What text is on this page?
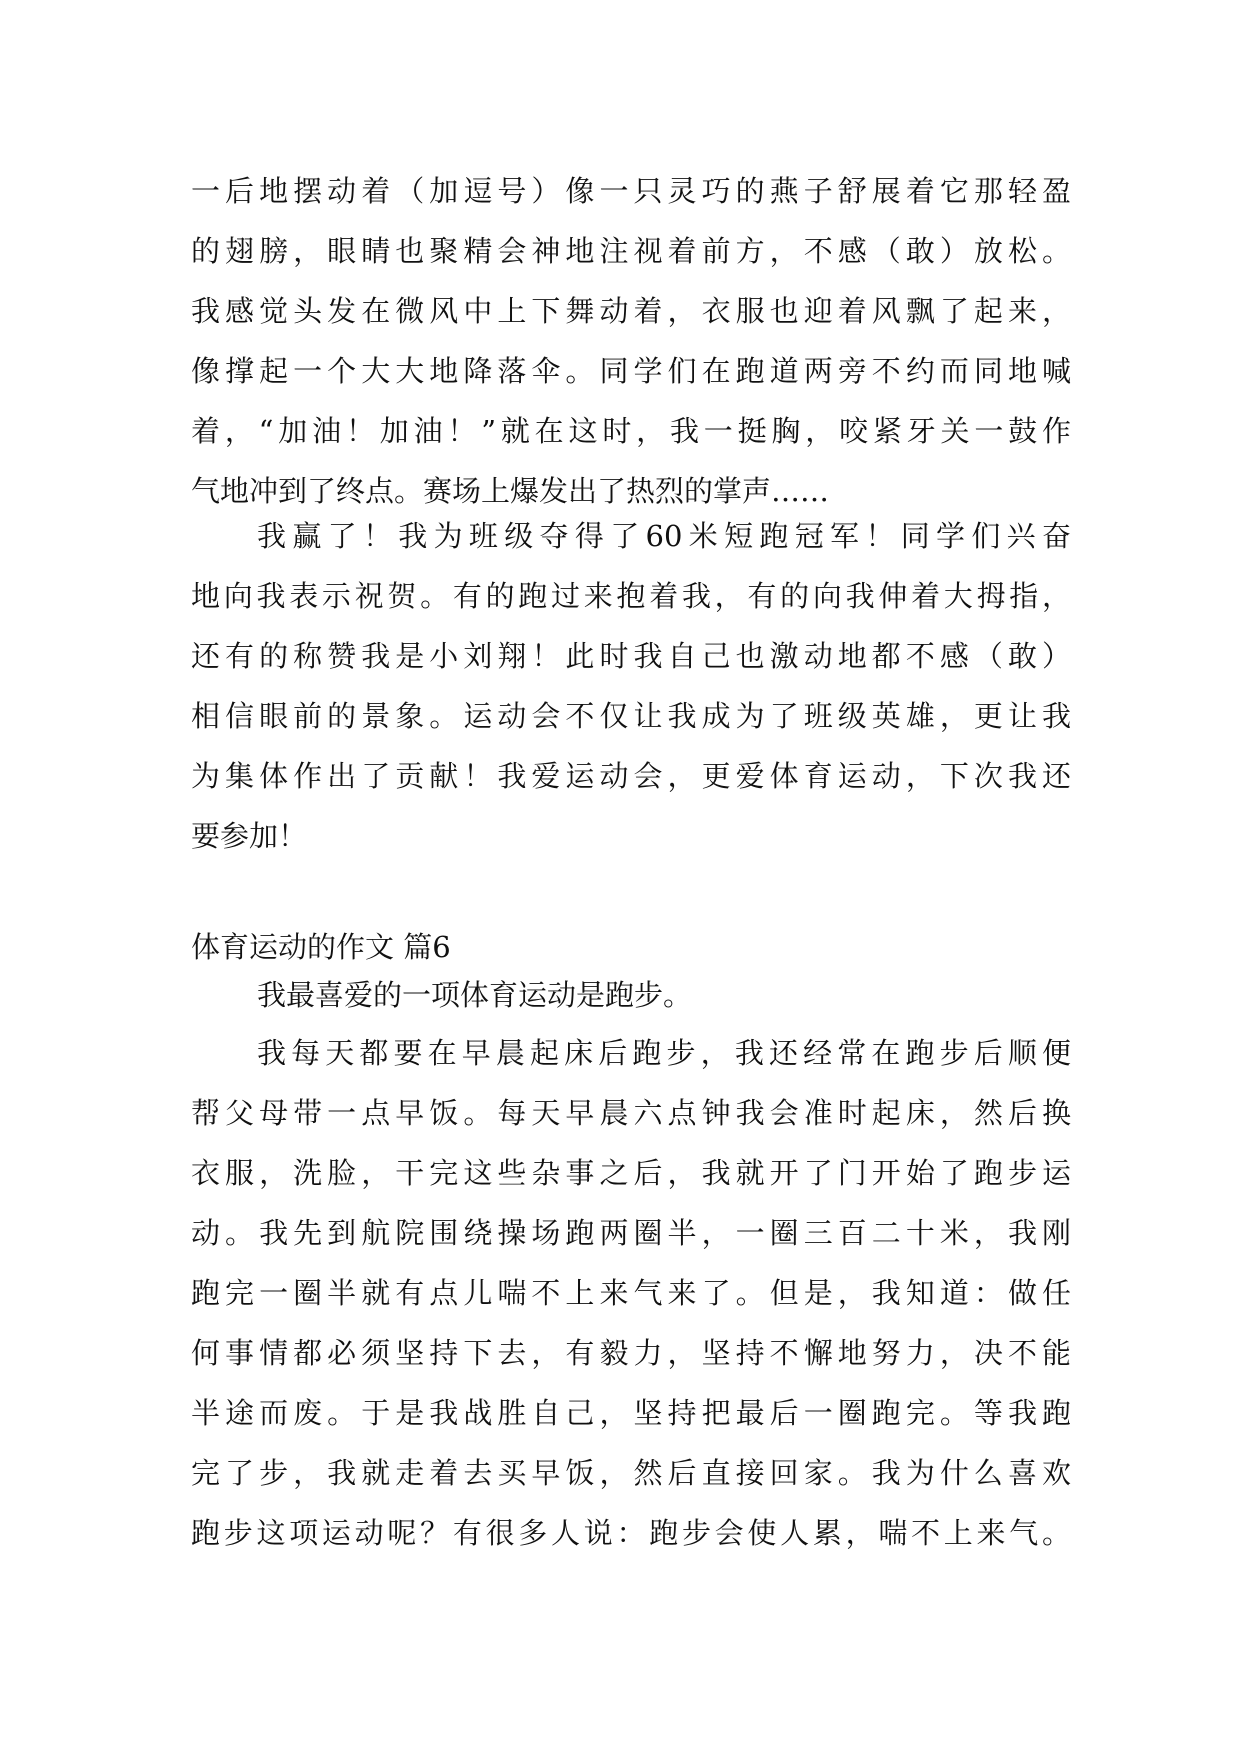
一后地摆动着（加逗号）像一只灵巧的燕子舒展着它那轻盈
的翅膀，眼睛也聚精会神地注视着前方，不感（敢）放松。
我感觉头发在微风中上下舞动着，衣服也迎着风飘了起来，
像撑起一个大大地降落伞。同学们在跑道两旁不约而同地喊
着，“加油！加油！”就在这时，我一挺胸，咬紧牙关一鼓作
气地冲到了终点。赛场上爆发出了热烈的掌声……
我赢了！我为班级夺得了60米短跑冠军！同学们兴奋
地向我表示祝贺。有的跑过来抱着我，有的向我伸着大拇指，
还有的称赞我是小刘翔！此时我自己也激动地都不感（敢）
相信眼前的景象。运动会不仅让我成为了班级英雄，更让我
为集体作出了贡献！我爱运动会，更爱体育运动，下次我还
要参加！
体育运动的作文 篇6
我最喜爱的一项体育运动是跑步。
我每天都要在早晨起床后跑步，我还经常在跑步后顺便
帮父母带一点早饭。每天早晨六点钟我会准时起床，然后换
衣服，洗脸，干完这些杂事之后，我就开了门开始了跑步运
动。我先到航院围绕操场跑两圈半，一圈三百二十米，我刚
跑完一圈半就有点儿喘不上来气来了。但是，我知道：做任
何事情都必须坚持下去，有毅力，坚持不懈地努力，决不能
半途而废。于是我战胜自己，坚持把最后一圈跑完。等我跑
完了步，我就走着去买早饭，然后直接回家。我为什么喜欢
跑步这项运动呢？有很多人说：跑步会使人累，喘不上来气。
